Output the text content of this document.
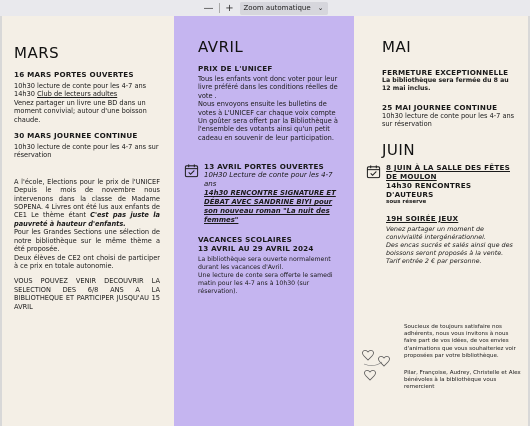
— + Zoom automatique ⌄
MARS
16 MARS PORTES OUVERTES
10h30 lecture de conte pour les 4-7 ans
14h30 Club de lecteurs adultes
Venez partager un livre une BD dans un moment convivial; autour d'une boisson chaude.
30 MARS JOURNEE CONTINUE
10h30 lecture de conte pour les 4-7 ans sur réservation
A l'école, Elections pour le prix de l'UNICEF Depuis le mois de novembre nous intervenons dans la classe de Madame SOPENA. 4 Livres ont été lus aux enfants de CE1 Le thème étant C'est pas juste la pauvreté à hauteur d'enfants.
Pour les Grandes Sections une sélection de notre bibliothèque sur le même thème a été proposée.
Deux élèves de CE2 ont choisi de participer à ce prix en totale autonomie.
VOUS POUVEZ VENIR DECOUVRIR LA SELECTION DES 6/8 ANS A LA BIBLIOTHEQUE ET PARTICIPER JUSQU'AU 15 AVRIL
AVRIL
PRIX DE L'UNICEF
Tous les enfants vont donc voter pour leur livre préféré dans les conditions réelles de vote .
Nous envoyons ensuite les bulletins de votes à L'UNICEF car chaque voix compte Un goûter sera offert par la Bibliothèque à l'ensemble des votants ainsi qu'un petit cadeau en souvenir de leur participation.
13 AVRIL PORTES OUVERTES
10H30 Lecture de conte pour les 4-7 ans
14h30 RENCONTRE SIGNATURE ET DÉBAT AVEC SANDRINE BIYI pour son nouveau roman "La nuit des femmes"
VACANCES SCOLAIRES
13 AVRIL AU 29 AVRIL 2024
La bibliothèque sera ouverte normalement durant les vacances d'Avril.
Une lecture de conte sera offerte le samedi matin pour les 4-7 ans à 10h30 (sur réservation).
MAI
FERMETURE EXCEPTIONNELLE
La bibliothèque sera fermée du 8 au 12 mai inclus.
25 MAI JOURNEE CONTINUE
10h30 lecture de conte pour les 4-7 ans sur réservation
JUIN
8 JUIN À LA SALLE DES FÊTES DE MOULON
14h30 RENCONTRES D'AUTEURS
sous réserve
19H SOIRÉE JEUX
Venez partager un moment de convivialité intergénérationnel.
Des encas sucrés et salés ainsi que des boissons seront proposés à la vente.
Tarif entrée 2 € par personne.
Soucieux de toujours satisfaire nos adhérents, nous vous invitons à nous faire part de vos idées, de vos envies d'animations que vous souhaiteriez voir proposées par votre bibliothèque.
Pilar, Françoise, Audrey, Christelle et Alex bénévoles à la bibliothèque vous remercient
